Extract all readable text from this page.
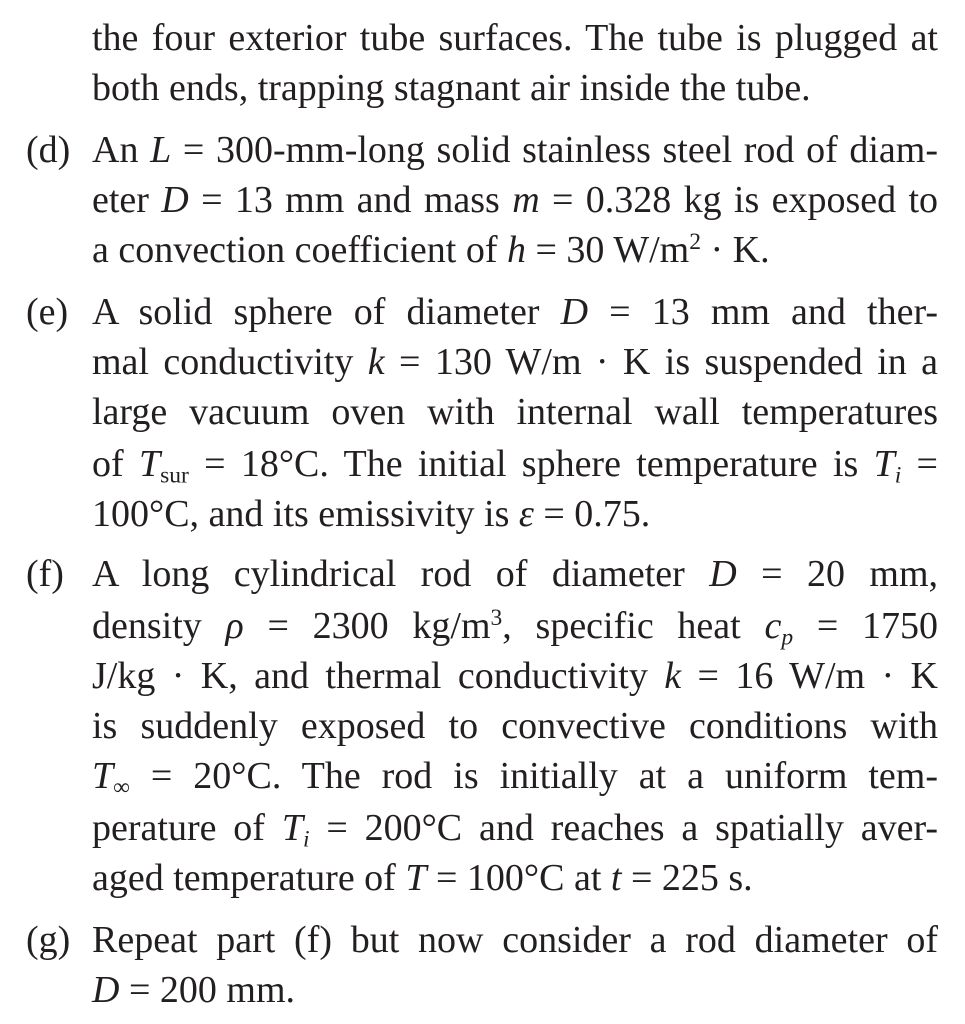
the four exterior tube surfaces. The tube is plugged at
both ends, trapping stagnant air inside the tube.
(d) An L = 300-mm-long solid stainless steel rod of diam-
eter D = 13 mm and mass m = 0.328 kg is exposed to
a convection coefficient of h = 30 $W/m^2 \cdot K$.
(e) A solid sphere of diameter D = 13 mm and ther-
mal conductivity k = 130 W/m · K is suspended in a
large vacuum oven with internal wall temperatures
of $T_{sur} = 18^\circ C$. The initial sphere temperature is $T_i$ =
100°C, and its emissivity is ε = 0.75.
(f) A long cylindrical rod of diameter D = 20 mm,
density ρ = 2300 $kg/m^3$, specific heat $c_p = 1750$
J/kg · K, and thermal conductivity k = 16 W/m · K
is suddenly exposed to convective conditions with
$T_\infty = 20^\circ C$. The rod is initially at a uniform tem-
perature of $T_i = 200^\circ C$ and reaches a spatially aver-
aged temperature of T = 100°C at t = 225 s.
(g) Repeat part (f) but now consider a rod diameter of
D = 200 mm.
